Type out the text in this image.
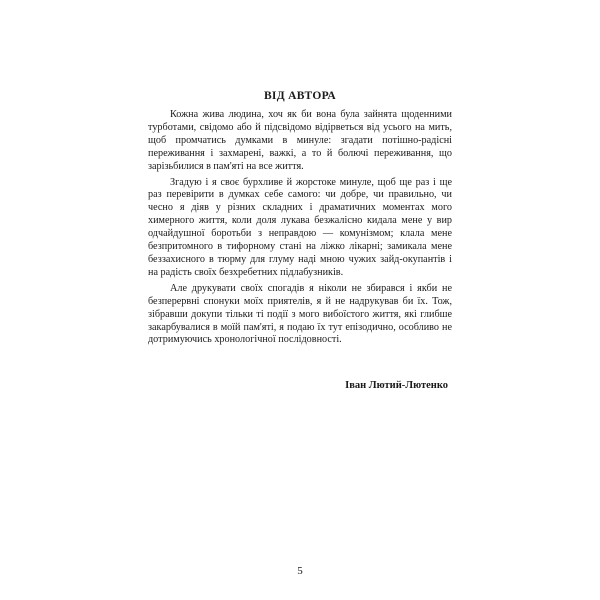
ВІД АВТОРА

Кожна жива людина, хоч як би вона була зайнята щоденними турботами, свідомо або й підсвідомо відірветься від усього на мить, щоб промчатись думками в минуле: згадати потішно-радісні переживання і захмарені, важкі, а то й болючі переживання, що зарізьбилися в пам'яті на все життя.

Згадую і я своє бурхливе й жорстоке минуле, щоб ще раз і ще раз перевірити в думках себе самого: чи добре, чи правильно, чи чесно я діяв у різних складних і драматичних моментах мого химерного життя, коли доля лукава безжалісно кидала мене у вир одчайдушної боротьби з неправдою — комунізмом; клала мене безпритомного в тифорному стані на ліжко лікарні; замикала мене беззахисного в тюрму для глуму наді мною чужих зайд-окупантів і на радість своїх безхребетних підлабузників.

Але друкувати своїх спогадів я ніколи не збирався і якби не безперервні спонуки моїх приятелів, я й не надрукував би їх. Тож, зібравши докупи тільки ті події з мого вибоїстого життя, які глибше закарбувалися в моїй пам'яті, я подаю їх тут епізодично, особливо не дотримуючись хронологічної послідовності.

Іван Лютий-Лютенко
5
